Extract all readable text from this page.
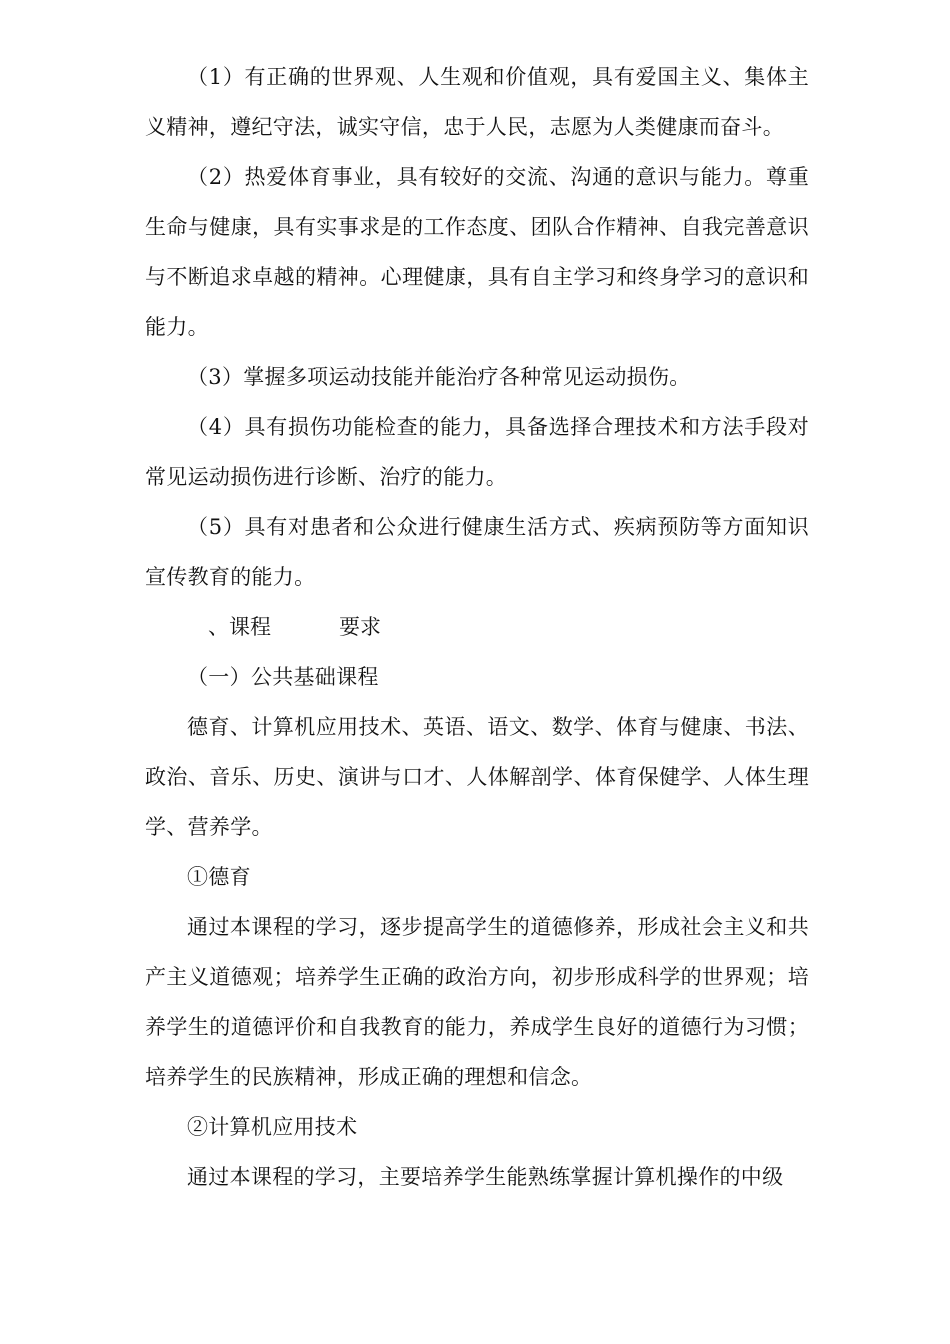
（1）有正确的世界观、人生观和价值观，具有爱国主义、集体主义精神，遵纪守法，诚实守信，忠于人民，志愿为人类健康而奋斗。

（2）热爱体育事业，具有较好的交流、沟通的意识与能力。尊重生命与健康，具有实事求是的工作态度、团队合作精神、自我完善意识与不断追求卓越的精神。心理健康，具有自主学习和终身学习的意识和能力。

（3）掌握多项运动技能并能治疗各种常见运动损伤。

（4）具有损伤功能检查的能力，具备选择合理技术和方法手段对常见运动损伤进行诊断、治疗的能力。

（5）具有对患者和公众进行健康生活方式、疾病预防等方面知识宣传教育的能力。

、课程	要求

（一）公共基础课程

德育、计算机应用技术、英语、语文、数学、体育与健康、书法、政治、音乐、历史、演讲与口才、人体解剖学、体育保健学、人体生理学、营养学。

①德育

通过本课程的学习，逐步提高学生的道德修养，形成社会主义和共产主义道德观；培养学生正确的政治方向，初步形成科学的世界观；培养学生的道德评价和自我教育的能力，养成学生良好的道德行为习惯；培养学生的民族精神，形成正确的理想和信念。

②计算机应用技术

通过本课程的学习，主要培养学生能熟练掌握计算机操作的中级
